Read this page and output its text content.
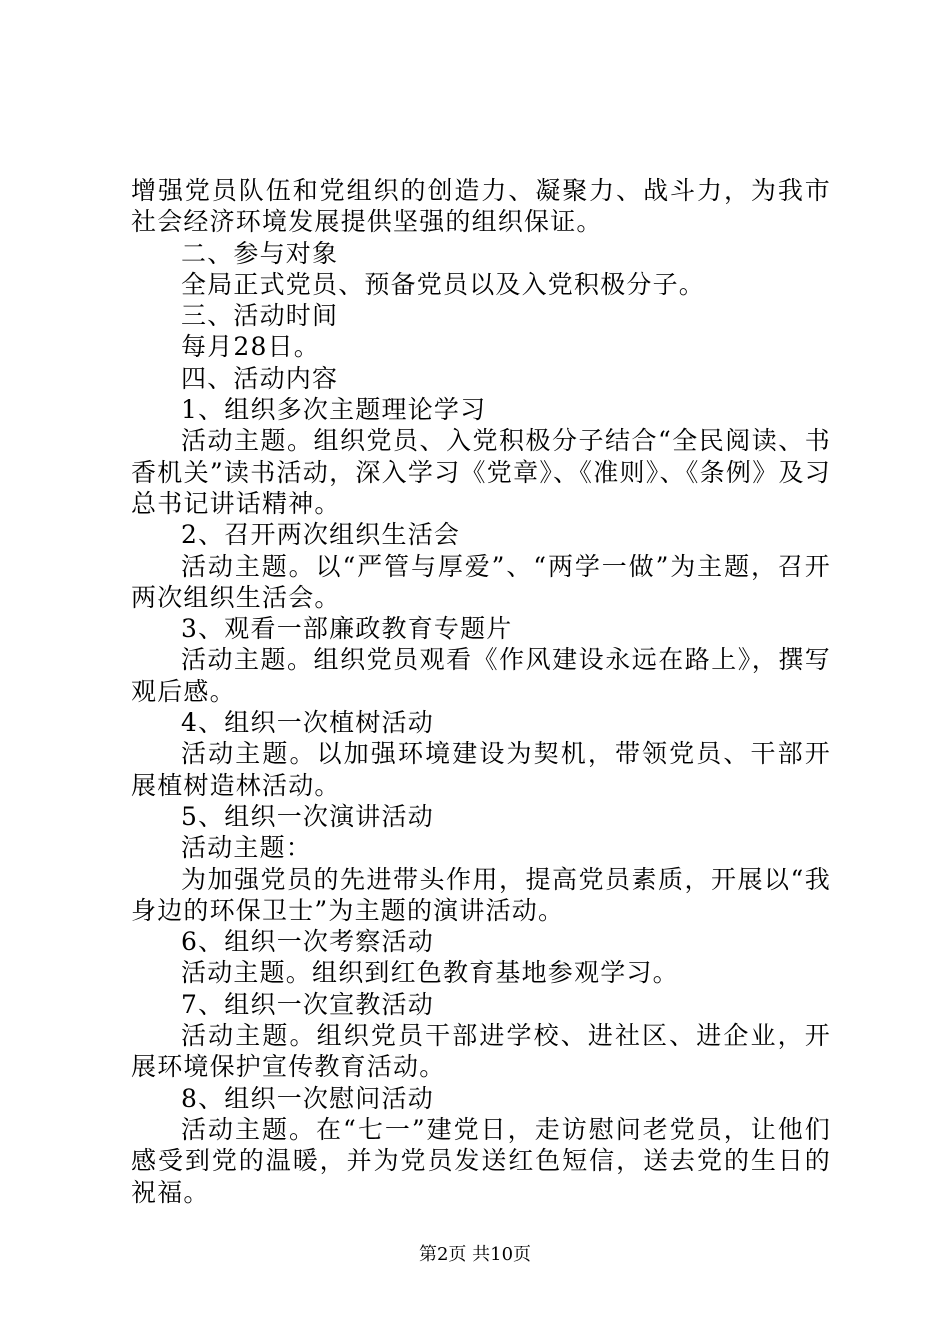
增强党员队伍和党组织的创造力、凝聚力、战斗力，为我市社会经济环境发展提供坚强的组织保证。

二、参与对象

全局正式党员、预备党员以及入党积极分子。

三、活动时间

每月28日。

四、活动内容

1、组织多次主题理论学习

活动主题。组织党员、入党积极分子结合“全民阅读、书香机关”读书活动，深入学习《党章》、《准则》、《条例》及习总书记讲话精神。

2、召开两次组织生活会

活动主题。以“严管与厚爱”、“两学一做”为主题，召开两次组织生活会。

3、观看一部廉政教育专题片

活动主题。组织党员观看《作风建设永远在路上》，撰写观后感。

4、组织一次植树活动

活动主题。以加强环境建设为契机，带领党员、干部开展植树造林活动。

5、组织一次演讲活动

活动主题：

为加强党员的先进带头作用，提高党员素质，开展以“我身边的环保卫士”为主题的演讲活动。

6、组织一次考察活动

活动主题。组织到红色教育基地参观学习。

7、组织一次宣教活动

活动主题。组织党员干部进学校、进社区、进企业，开展环境保护宣传教育活动。

8、组织一次慰问活动

活动主题。在“七一”建党日，走访慰问老党员，让他们感受到党的温暖，并为党员发送红色短信，送去党的生日的祝福。

第2页 共10页
